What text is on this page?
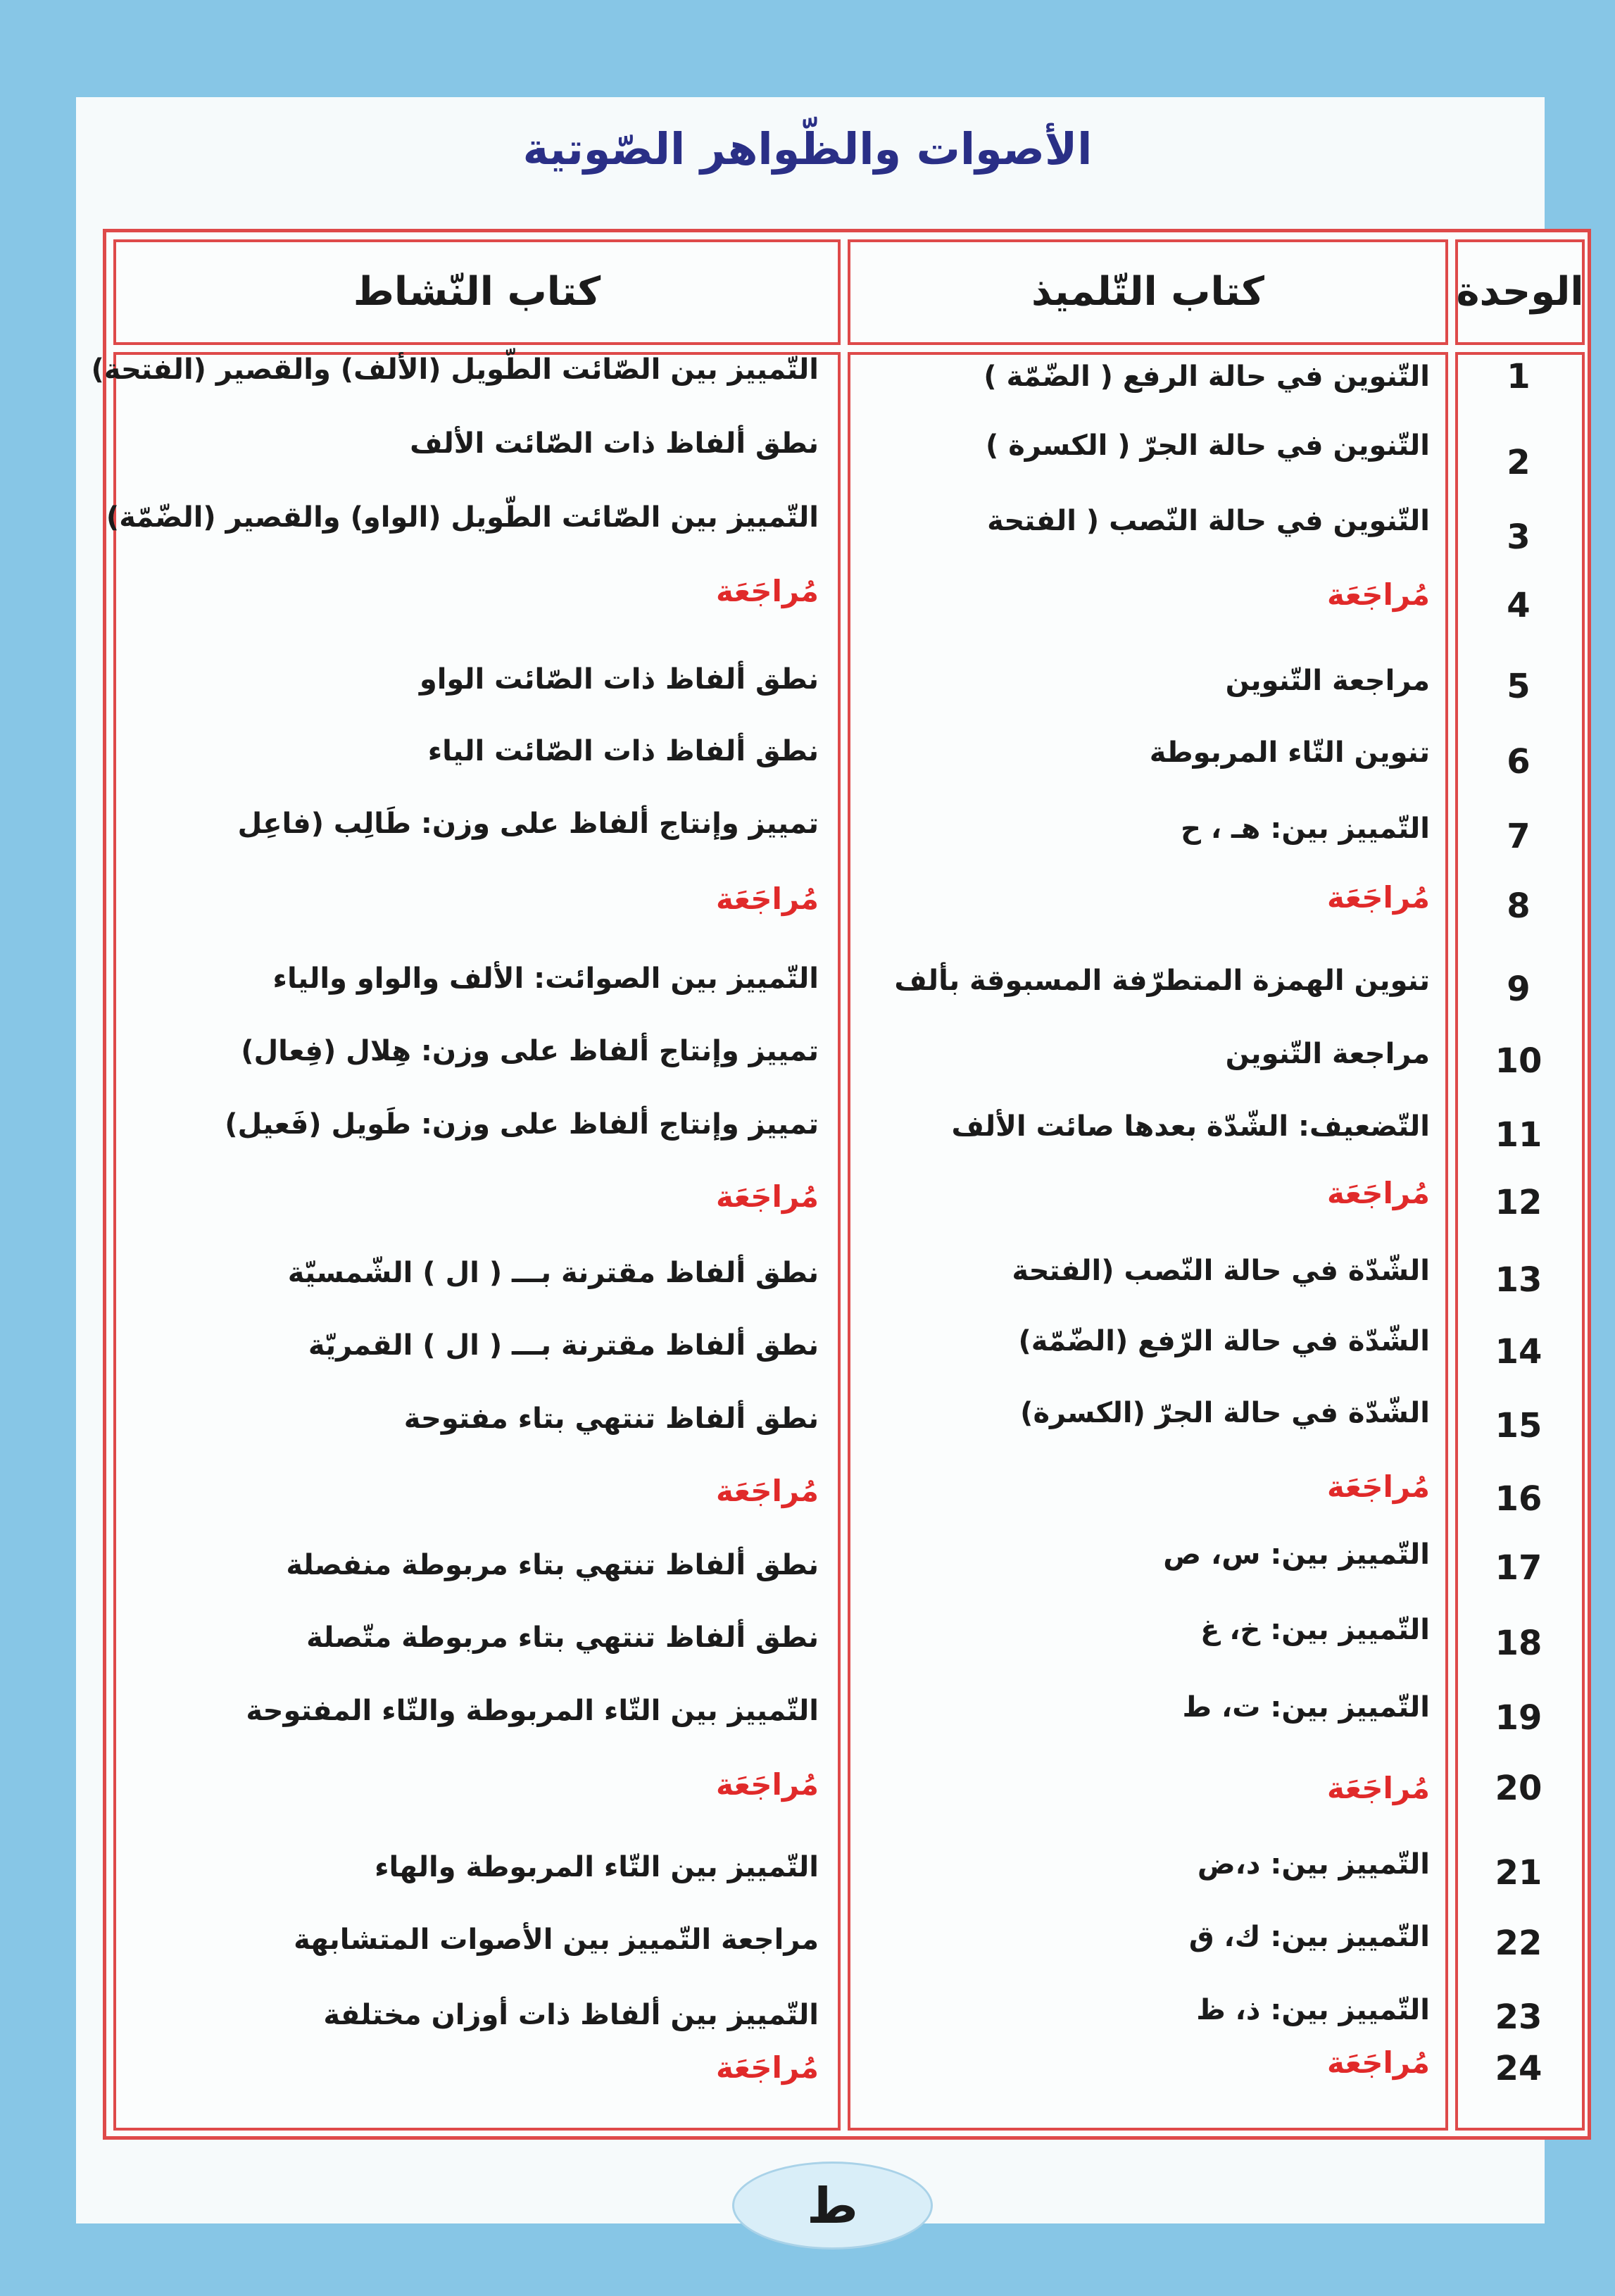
الأصوات والظّواهر الصّوتية
كتاب النّشاط	كتاب التّلميذ	الوحدة
1
التّنوين في حالة الرفع ( الضّمّة )
التّمييز بين الصّائت الطّويل (الألف) والقصير (الفتحة)
2
التّنوين في حالة الجرّ ( الكسرة )
نطق ألفاظ ذات الصّائت الألف
3
التّنوين في حالة النّصب ( الفتحة
التّمييز بين الصّائت الطّويل (الواو) والقصير (الضّمّة)
4
مُراجَعَة
مُراجَعَة
5
مراجعة التّنوين
نطق ألفاظ ذات الصّائت الواو
6
تنوين التّاء المربوطة
نطق ألفاظ ذات الصّائت الياء
7
التّمييز بين: هـ ، ح
تمييز وإنتاج ألفاظ على وزن: طَالِب (فاعِل
8
مُراجَعَة
مُراجَعَة
9
تنوين الهمزة المتطرّفة المسبوقة بألف
التّمييز بين الصوائت: الألف والواو والياء
10
مراجعة التّنوين
تمييز وإنتاج ألفاظ على وزن: هِلال (فِعال)
11
التّضعيف: الشّدّة بعدها صائت الألف
تمييز وإنتاج ألفاظ على وزن: طَويل (فَعيل)
12
مُراجَعَة
مُراجَعَة
13
الشّدّة في حالة النّصب (الفتحة
نطق ألفاظ مقترنة بـــ ( ال ) الشّمسيّة
14
الشّدّة في حالة الرّفع (الضّمّة)
نطق ألفاظ مقترنة بـــ ( ال ) القمريّة
15
الشّدّة في حالة الجرّ (الكسرة)
نطق ألفاظ تنتهي بتاء مفتوحة
16
مُراجَعَة
مُراجَعَة
17
التّمييز بين: س، ص
نطق ألفاظ تنتهي بتاء مربوطة منفصلة
18
التّمييز بين: خ، غ
نطق ألفاظ تنتهي بتاء مربوطة متّصلة
19
التّمييز بين: ت، ط
التّمييز بين التّاء المربوطة والتّاء المفتوحة
20
مُراجَعَة
مُراجَعَة
21
التّمييز بين: د،ض
التّمييز بين التّاء المربوطة والهاء
22
التّمييز بين: ك، ق
مراجعة التّمييز بين الأصوات المتشابهة
23
التّمييز بين: ذ، ظ
التّمييز بين ألفاظ ذات أوزان مختلفة
24
مُراجَعَة
مُراجَعَة
ط
